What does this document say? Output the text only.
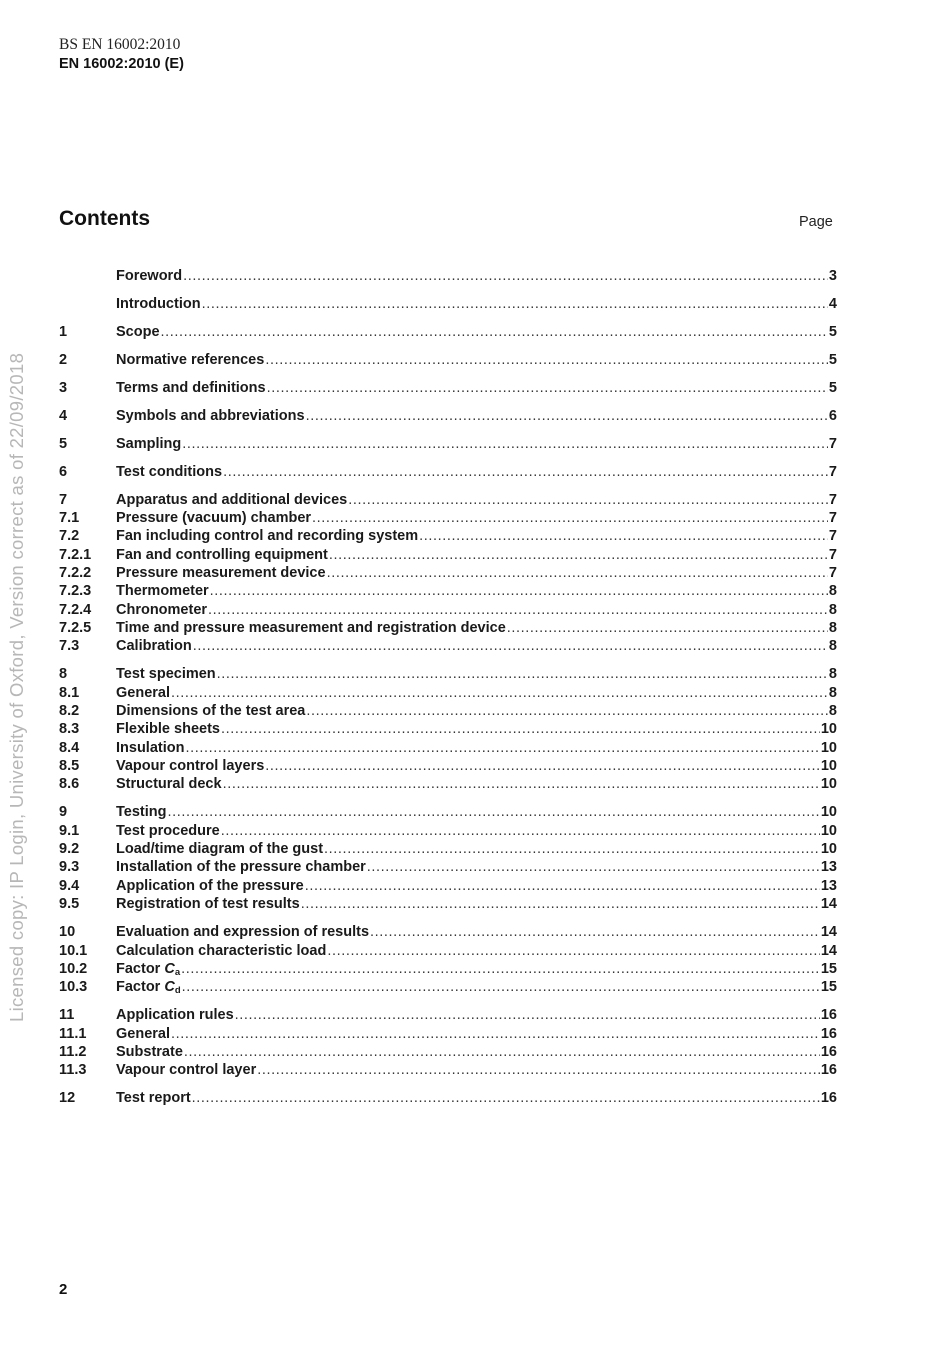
BS EN 16002:2010
EN 16002:2010 (E)
Contents	Page
Foreword .....	3
Introduction .....	4
1	Scope .....	5
2	Normative references .....	5
3	Terms and definitions .....	5
4	Symbols and abbreviations .....	6
5	Sampling .....	7
6	Test conditions .....	7
7	Apparatus and additional devices .....	7
7.1	Pressure (vacuum) chamber .....	7
7.2	Fan including control and recording system .....	7
7.2.1	Fan and controlling equipment .....	7
7.2.2	Pressure measurement device .....	7
7.2.3	Thermometer .....	8
7.2.4	Chronometer .....	8
7.2.5	Time and pressure measurement and registration device .....	8
7.3	Calibration .....	8
8	Test specimen .....	8
8.1	General .....	8
8.2	Dimensions of the test area .....	8
8.3	Flexible sheets .....	10
8.4	Insulation .....	10
8.5	Vapour control layers .....	10
8.6	Structural deck .....	10
9	Testing .....	10
9.1	Test procedure .....	10
9.2	Load/time diagram of the gust .....	10
9.3	Installation of the pressure chamber .....	13
9.4	Application of the pressure .....	13
9.5	Registration of test results .....	14
10	Evaluation and expression of results .....	14
10.1	Calculation characteristic load .....	14
10.2	Factor $C_a$ .....	15
10.3	Factor $C_d$ .....	15
11	Application rules .....	16
11.1	General .....	16
11.2	Substrate .....	16
11.3	Vapour control layer .....	16
12	Test report .....	16
Licensed copy: IP Login, University of Oxford, Version correct as of 22/09/2018
2
